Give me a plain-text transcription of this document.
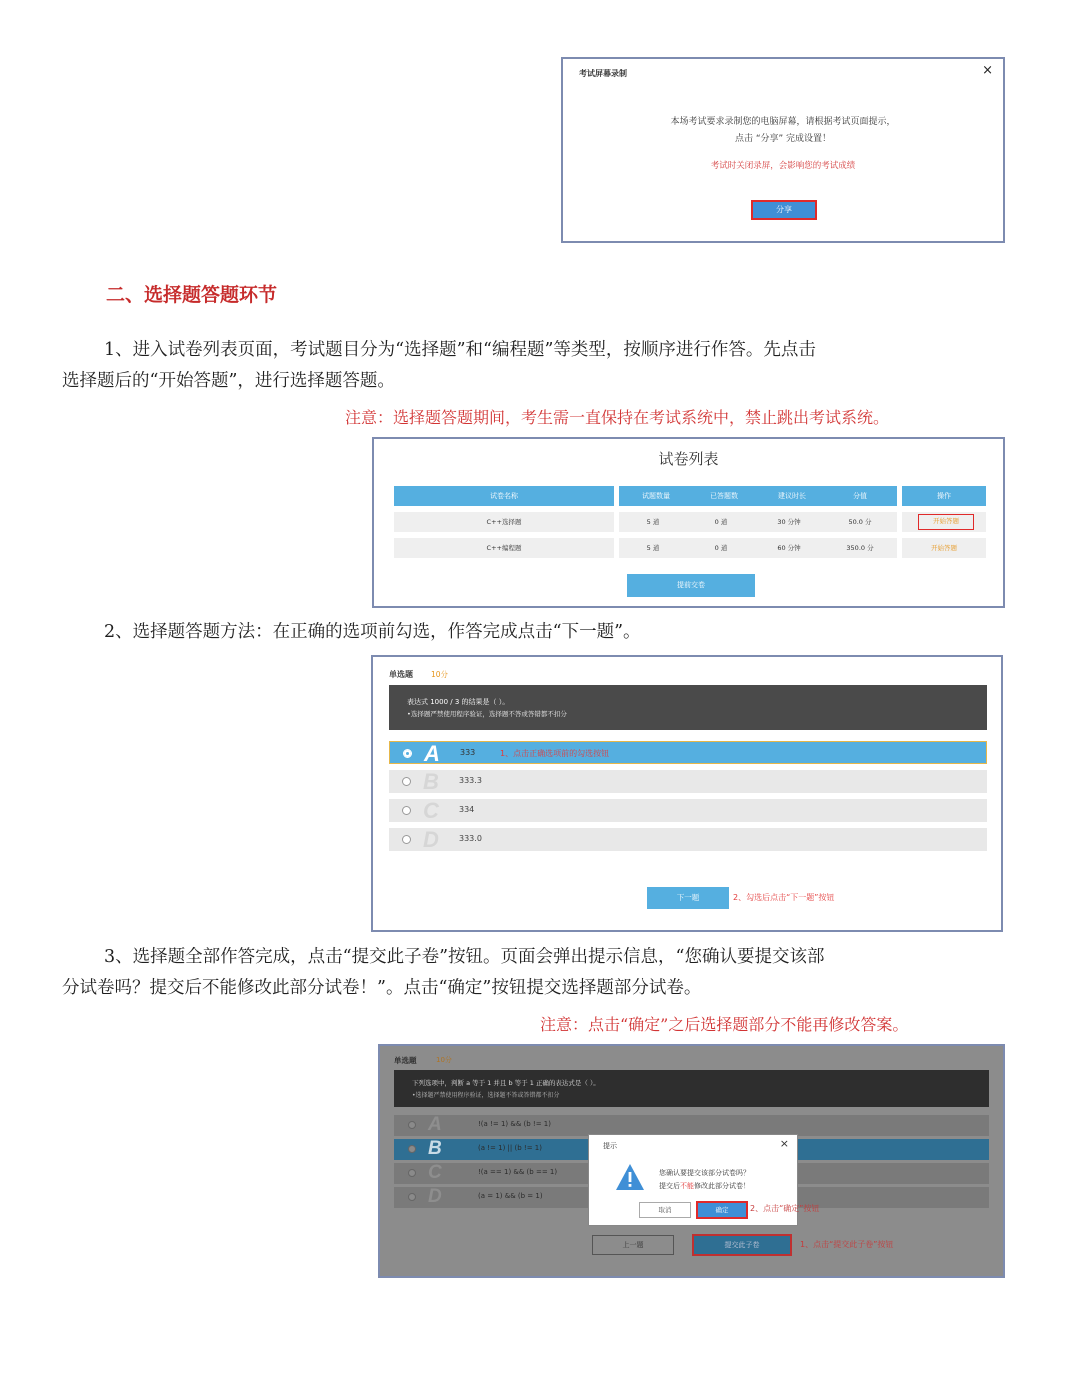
考试屏幕录制	×
本场考试要求录制您的电脑屏幕，请根据考试页面提示，
点击 “分享” 完成设置！
考试时关闭录屏，会影响您的考试成绩
分享
二、选择题答题环节
1、进入试卷列表页面，考试题目分为“选择题”和“编程题”等类型，按顺序进行作答。先点击
选择题后的“开始答题”，进行选择题答题。
注意：选择题答题期间，考生需一直保持在考试系统中，禁止跳出考试系统。
试卷列表
试卷名称	试题数量	已答题数	建议时长	分值	操作
C++选择题	5 道	0 道	30 分钟	50.0 分	开始答题
C++编程题	5 道	0 道	60 分钟	350.0 分	开始答题
提前交卷
2、选择题答题方法：在正确的选项前勾选，作答完成点击“下一题”。
单选题 10分
表达式 1000 / 3 的结果是（ ）。
•选择题严禁使用程序验证，选择题不答或答错都不扣分
A	333	1、点击正确选项前的勾选按钮
B	333.3
C	334
D	333.0
下一题	2、勾选后点击“下一题”按钮
3、选择题全部作答完成，点击“提交此子卷”按钮。页面会弹出提示信息，“您确认要提交该部
分试卷吗？提交后不能修改此部分试卷！”。点击“确定”按钮提交选择题部分试卷。
注意：点击“确定”之后选择题部分不能再修改答案。
单选题	10分
下列选项中，判断 a 等于 1 并且 b 等于 1 正确的表达式是（ ）。
•选择题严禁使用程序验证，选择题不答或答错都不扣分
A	!(a != 1) && (b != 1)
B	(a != 1) || (b != 1)
C	!(a == 1) && (b == 1)
D	(a = 1) && (b = 1)
上一题	提交此子卷	1、点击“提交此子卷”按钮
提示	×
您确认要提交该部分试卷吗？
提交后不能修改此部分试卷！
取消	确定	2、点击“确定”按钮
